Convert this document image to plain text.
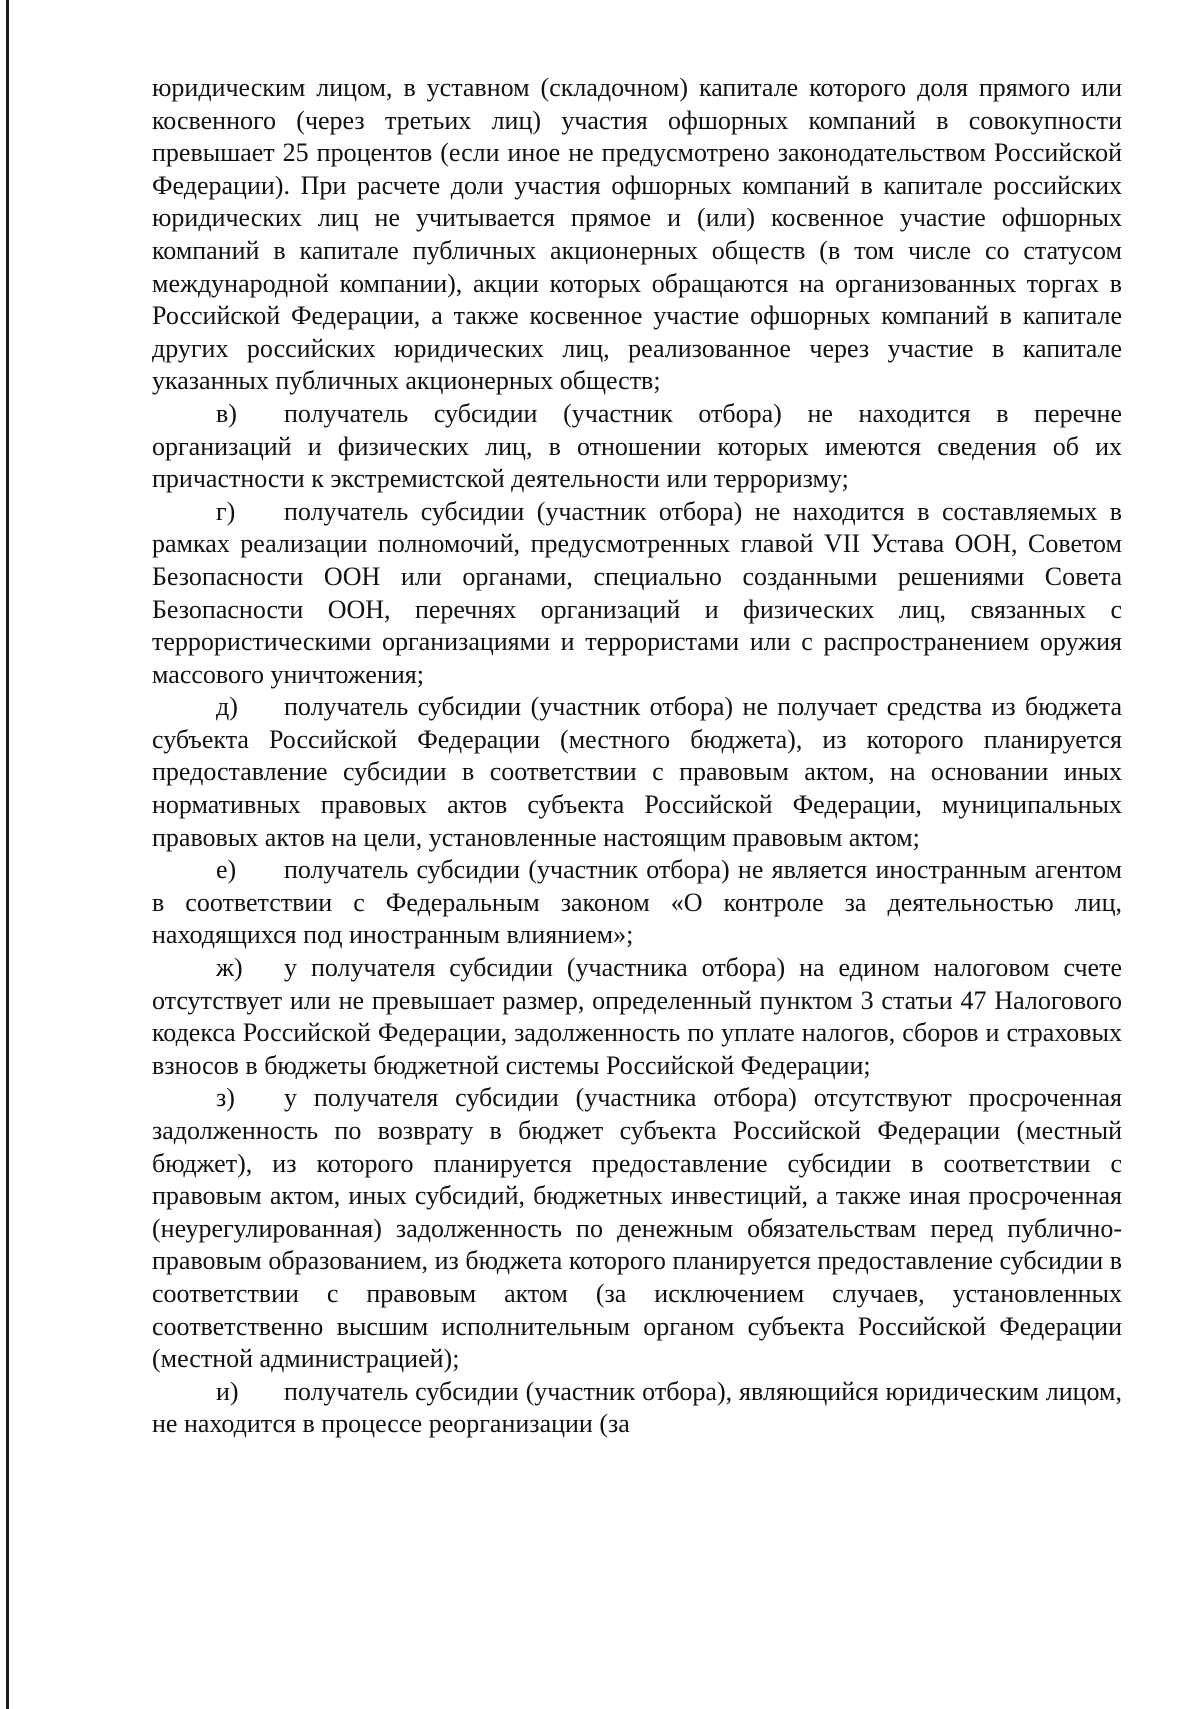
юридическим лицом, в уставном (складочном) капитале которого доля прямого или косвенного (через третьих лиц) участия офшорных компаний в совокупности превышает 25 процентов (если иное не предусмотрено законодательством Российской Федерации). При расчете доли участия офшорных компаний в капитале российских юридических лиц не учитывается прямое и (или) косвенное участие офшорных компаний в капитале публичных акционерных обществ (в том числе со статусом международной компании), акции которых обращаются на организованных торгах в Российской Федерации, а также косвенное участие офшорных компаний в капитале других российских юридических лиц, реализованное через участие в капитале указанных публичных акционерных обществ;

в) получатель субсидии (участник отбора) не находится в перечне организаций и физических лиц, в отношении которых имеются сведения об их причастности к экстремистской деятельности или терроризму;

г) получатель субсидии (участник отбора) не находится в составляемых в рамках реализации полномочий, предусмотренных главой VII Устава ООН, Советом Безопасности ООН или органами, специально созданными решениями Совета Безопасности ООН, перечнях организаций и физических лиц, связанных с террористическими организациями и террористами или с распространением оружия массового уничтожения;

д) получатель субсидии (участник отбора) не получает средства из бюджета субъекта Российской Федерации (местного бюджета), из которого планируется предоставление субсидии в соответствии с правовым актом, на основании иных нормативных правовых актов субъекта Российской Федерации, муниципальных правовых актов на цели, установленные настоящим правовым актом;

е) получатель субсидии (участник отбора) не является иностранным агентом в соответствии с Федеральным законом «О контроле за деятельностью лиц, находящихся под иностранным влиянием»;

ж) у получателя субсидии (участника отбора) на едином налоговом счете отсутствует или не превышает размер, определенный пунктом 3 статьи 47 Налогового кодекса Российской Федерации, задолженность по уплате налогов, сборов и страховых взносов в бюджеты бюджетной системы Российской Федерации;

з) у получателя субсидии (участника отбора) отсутствуют просроченная задолженность по возврату в бюджет субъекта Российской Федерации (местный бюджет), из которого планируется предоставление субсидии в соответствии с правовым актом, иных субсидий, бюджетных инвестиций, а также иная просроченная (неурегулированная) задолженность по денежным обязательствам перед публично-правовым образованием, из бюджета которого планируется предоставление субсидии в соответствии с правовым актом (за исключением случаев, установленных соответственно высшим исполнительным органом субъекта Российской Федерации (местной администрацией);

и) получатель субсидии (участник отбора), являющийся юридическим лицом, не находится в процессе реорганизации (за
